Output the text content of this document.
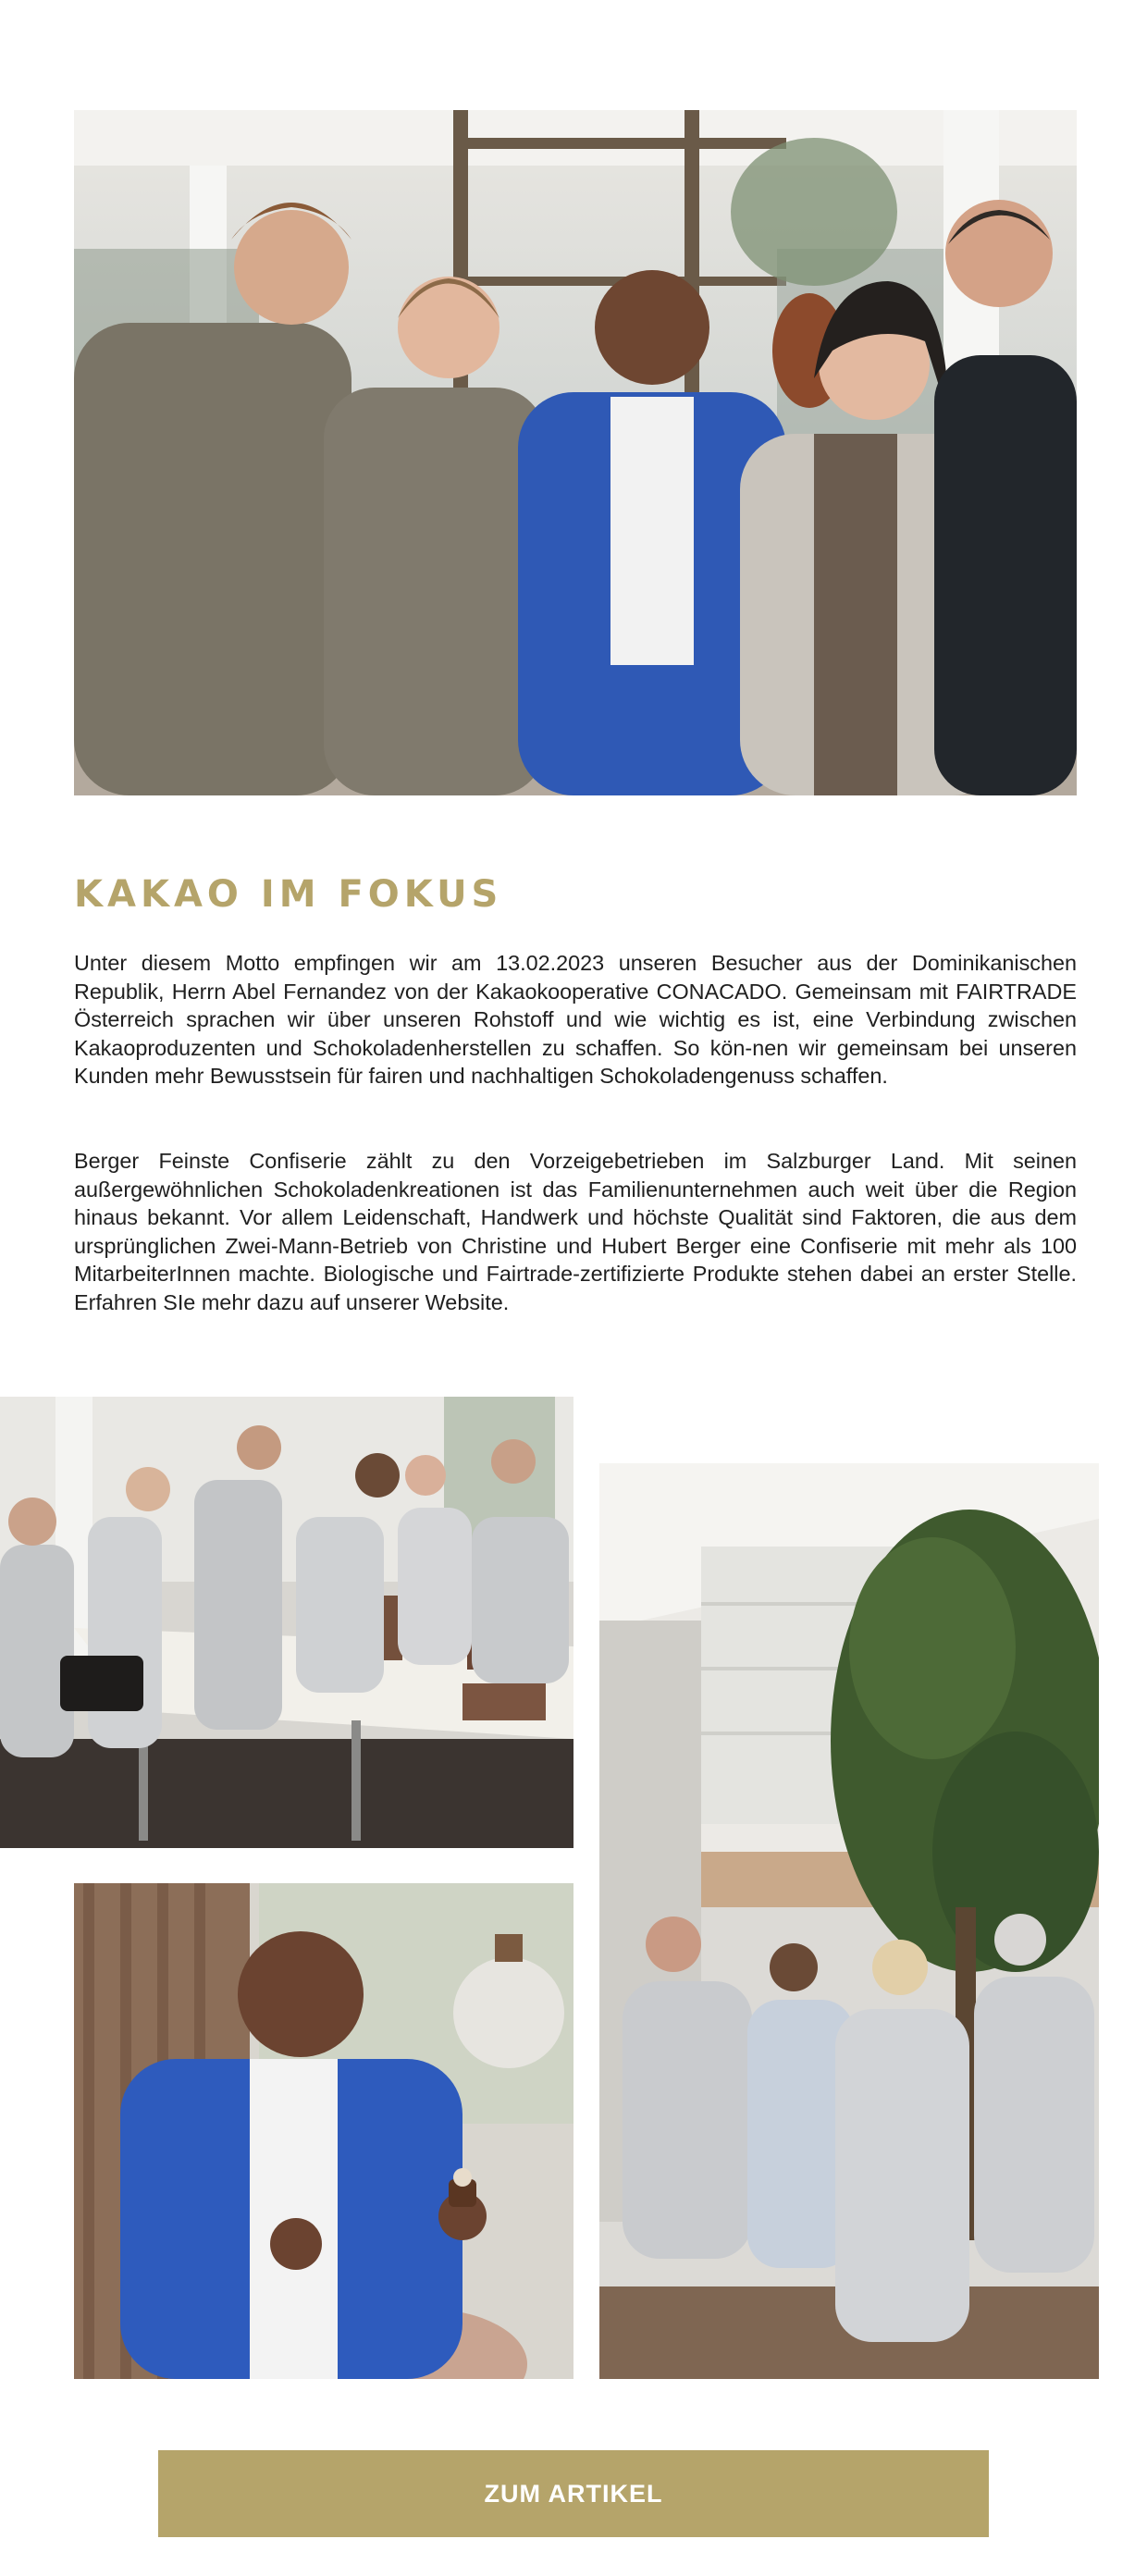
KAKAO IM FOKUS

Unter diesem Motto empfingen wir am 13.02.2023 unseren Besucher aus der Dominikanischen Republik, Herrn Abel Fernandez von der Kakaokooperative CONACADO. Gemeinsam mit FAIRTRADE Österreich sprachen wir über unseren Rohstoff und wie wichtig es ist, eine Verbindung zwischen Kakaoproduzenten und Schokoladenherstellen zu schaffen. So kön-nen wir gemeinsam bei unseren Kunden mehr Bewusstsein für fairen und nachhaltigen Schokoladengenuss schaffen.

Berger Feinste Confiserie zählt zu den Vorzeigebetrieben im Salzburger Land. Mit seinen außergewöhnlichen Schokoladenkreationen ist das Familienunternehmen auch weit über die Region hinaus bekannt. Vor allem Leidenschaft, Handwerk und höchste Qualität sind Faktoren, die aus dem ursprünglichen Zwei-Mann-Betrieb von Christine und Hubert Berger eine Confiserie mit mehr als 100 MitarbeiterInnen machte. Biologische und Fairtrade-zertifizierte Produkte stehen dabei an erster Stelle. Erfahren SIe mehr dazu auf unserer Website.

ZUM ARTIKEL
